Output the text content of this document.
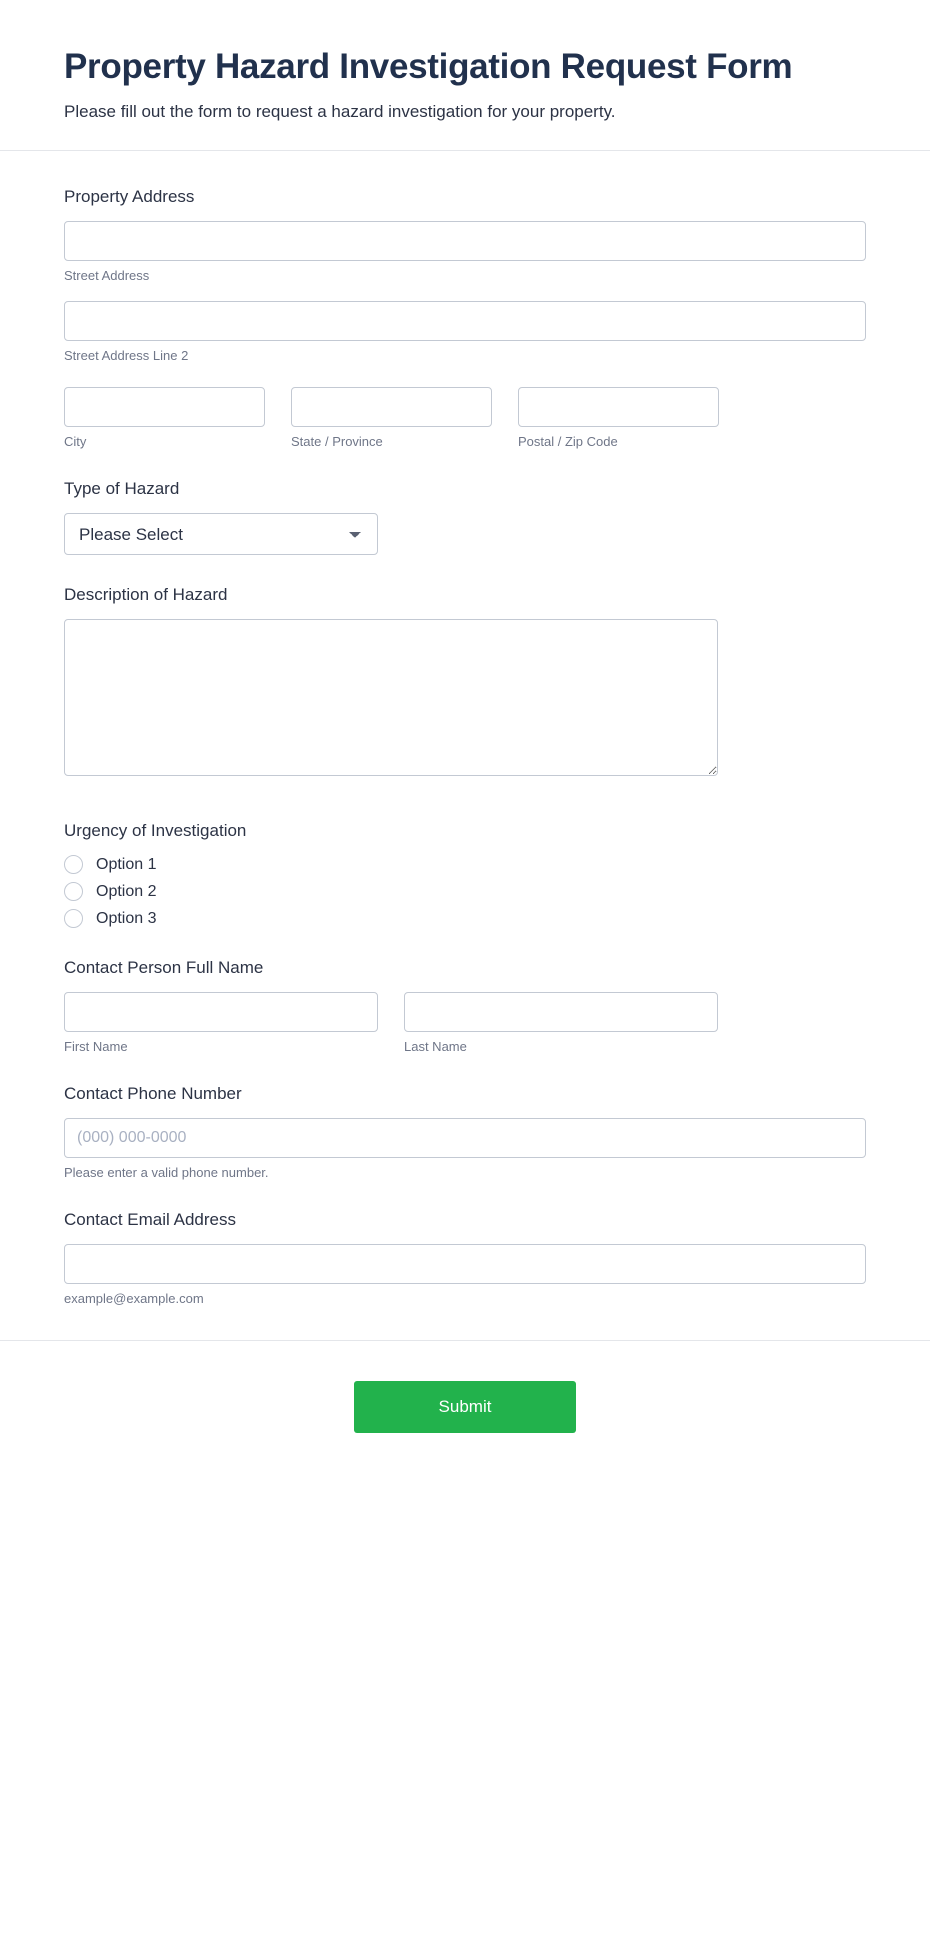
Property Hazard Investigation Request Form

Please fill out the form to request a hazard investigation for your property.

Property Address
Street Address
Street Address Line 2
City	State / Province	Postal / Zip Code
Type of Hazard
Please Select
Description of Hazard
Urgency of Investigation
Option 1
Option 2
Option 3
Contact Person Full Name
First Name	Last Name
Contact Phone Number
(000) 000-0000
Please enter a valid phone number.
Contact Email Address
example@example.com
Submit
